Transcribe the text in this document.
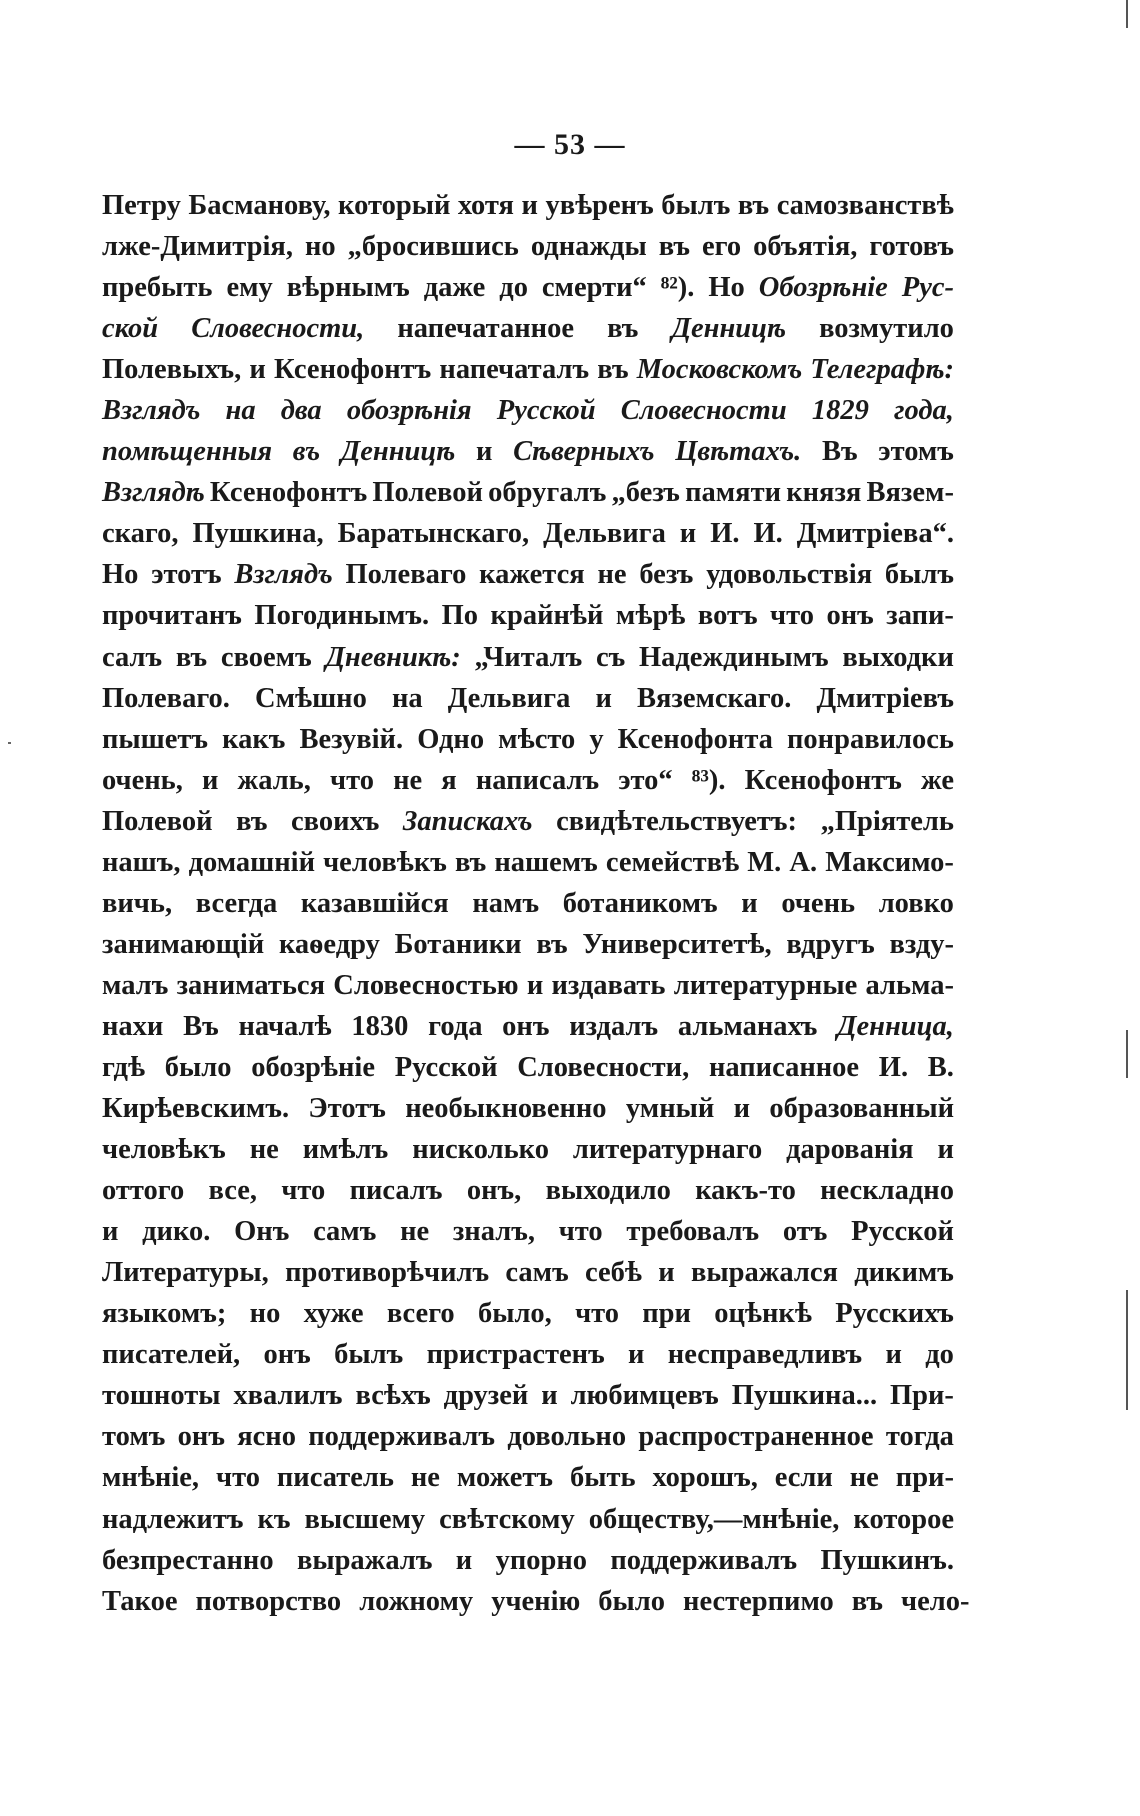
— 53 —
Петру Басманову, который хотя и увѣренъ былъ въ самозванствѣ
лже-Димитрія, но „бросившись однажды въ его объятія, готовъ
пребыть ему вѣрнымъ даже до смерти“ ⁸²). Но Обозрѣніе Рус-
ской Словесности, напечатанное въ Денницѣ возмутило
Полевыхъ, и Ксенофонтъ напечаталъ въ Московскомъ Телеграфѣ:
Взглядъ на два обозрѣнія Русской Словесности 1829 года,
помѣщенныя въ Денницѣ и Сѣверныхъ Цвѣтахъ. Въ этомъ
Взглядѣ Ксенофонтъ Полевой обругалъ „безъ памяти князя Вязем-
скаго, Пушкина, Баратынскаго, Дельвига и И. И. Дмитріева“.
Но этотъ Взглядъ Полеваго кажется не безъ удовольствія былъ
прочитанъ Погодинымъ. По крайнѣй мѣрѣ вотъ что онъ запи-
салъ въ своемъ Дневникѣ: „Читалъ съ Надеждинымъ выходки
Полеваго. Смѣшно на Дельвига и Вяземскаго. Дмитріевъ
пышетъ какъ Везувій. Одно мѣсто у Ксенофонта понравилось
очень, и жаль, что не я написалъ это“ ⁸³). Ксенофонтъ же
Полевой въ своихъ Запискахъ свидѣтельствуетъ: „Пріятель
нашъ, домашній человѣкъ въ нашемъ семействѣ М. А. Максимо-
вичь, всегда казавшійся намъ ботаникомъ и очень ловко
занимающій каѳедру Ботаники въ Университетѣ, вдругъ взду-
малъ заниматься Словесностью и издавать литературные альма-
нахи Въ началѣ 1830 года онъ издалъ альманахъ Денница,
гдѣ было обозрѣніе Русской Словесности, написанное И. В.
Кирѣевскимъ. Этотъ необыкновенно умный и образованный
человѣкъ не имѣлъ нисколько литературнаго дарованія и
оттого все, что писалъ онъ, выходило какъ-то нескладно
и дико. Онъ самъ не зналъ, что требовалъ отъ Русской
Литературы, противорѣчилъ самъ себѣ и выражался дикимъ
языкомъ; но хуже всего было, что при оцѣнкѣ Русскихъ
писателей, онъ былъ пристрастенъ и несправедливъ и до
тошноты хвалилъ всѣхъ друзей и любимцевъ Пушкина... При-
томъ онъ ясно поддерживалъ довольно распространенное тогда
мнѣніе, что писатель не можетъ быть хорошъ, если не при-
надлежитъ къ высшему свѣтскому обществу,—мнѣніе, которое
безпрестанно выражалъ и упорно поддерживалъ Пушкинъ.
Такое потворство ложному ученію было нестерпимо въ чело-
